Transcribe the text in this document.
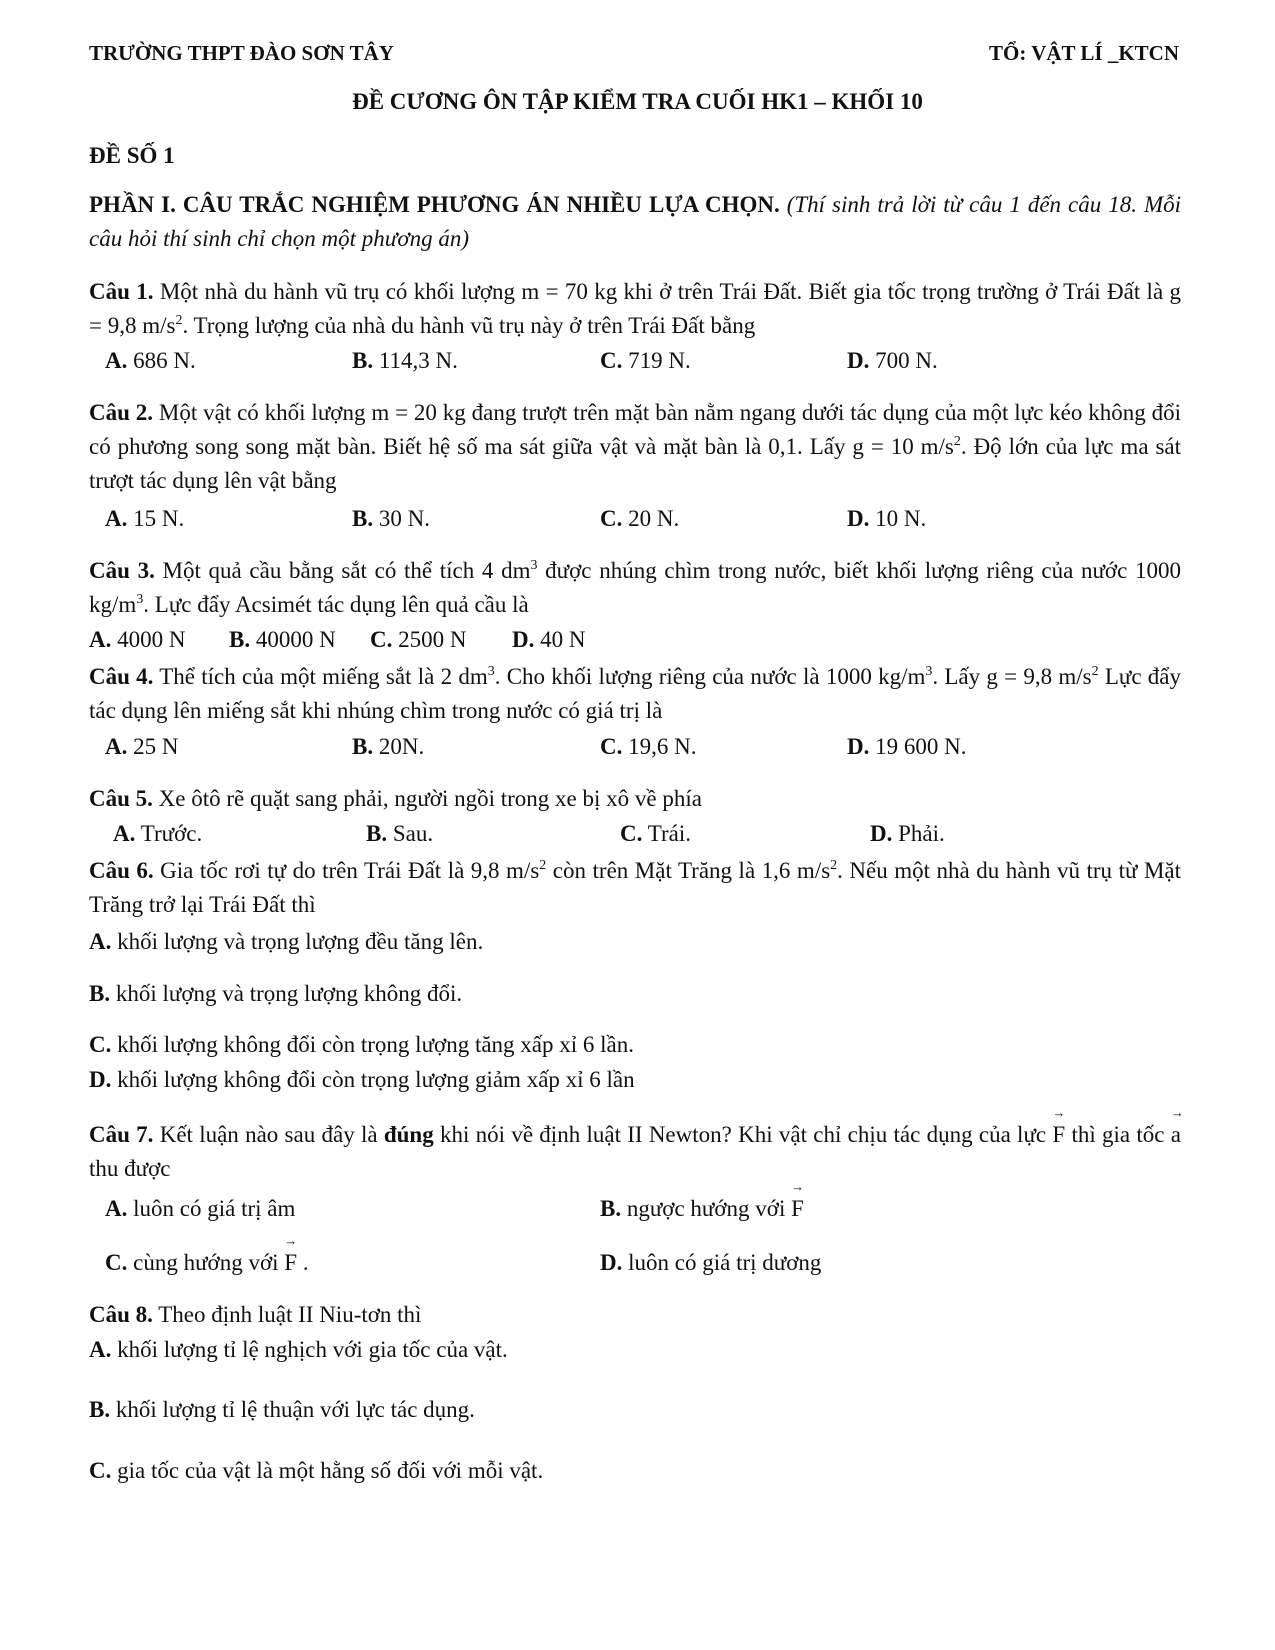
TRƯỜNG THPT ĐÀO SƠN TÂY	TỔ: VẬT LÍ _KTCN
ĐỀ CƯƠNG ÔN TẬP KIỂM TRA CUỐI HK1 – KHỐI 10
ĐỀ SỐ 1
PHẦN I. CÂU TRẮC NGHIỆM PHƯƠNG ÁN NHIỀU LỰA CHỌN. (Thí sinh trả lời từ câu 1 đến câu 18. Mỗi câu hỏi thí sinh chỉ chọn một phương án)
Câu 1. Một nhà du hành vũ trụ có khối lượng m = 70 kg khi ở trên Trái Đất. Biết gia tốc trọng trường ở Trái Đất là g = 9,8 $m/s^2$. Trọng lượng của nhà du hành vũ trụ này ở trên Trái Đất bằng
A. 686 N.	B. 114,3 N.	C. 719 N.	D. 700 N.
Câu 2. Một vật có khối lượng m = 20 kg đang trượt trên mặt bàn nằm ngang dưới tác dụng của một lực kéo không đổi có phương song song mặt bàn. Biết hệ số ma sát giữa vật và mặt bàn là 0,1. Lấy g = 10 $m/s^2$. Độ lớn của lực ma sát trượt tác dụng lên vật bằng
A. 15 N.	B. 30 N.	C. 20 N.	D. 10 N.
Câu 3. Một quả cầu bằng sắt có thể tích 4 $dm^3$ được nhúng chìm trong nước, biết khối lượng riêng của nước 1000 $kg/m^3$. Lực đẩy Acsimét tác dụng lên quả cầu là
A. 4000 N B. 40000 N C. 2500 N D. 40 N
Câu 4. Thể tích của một miếng sắt là 2 $dm^3$. Cho khối lượng riêng của nước là 1000 $kg/m^3$. Lấy g = 9,8 $m/s^2$ Lực đẩy tác dụng lên miếng sắt khi nhúng chìm trong nước có giá trị là
A. 25 N	B. 20N.	C. 19,6 N.	D. 19 600 N.
Câu 5. Xe ôtô rẽ quặt sang phải, người ngồi trong xe bị xô về phía
A. Trước.	B. Sau.	C. Trái.	D. Phải.
Câu 6. Gia tốc rơi tự do trên Trái Đất là 9,8 $m/s^2$ còn trên Mặt Trăng là 1,6 $m/s^2$. Nếu một nhà du hành vũ trụ từ Mặt Trăng trở lại Trái Đất thì
A. khối lượng và trọng lượng đều tăng lên.
B. khối lượng và trọng lượng không đổi.
C. khối lượng không đổi còn trọng lượng tăng xấp xỉ 6 lần.
D. khối lượng không đổi còn trọng lượng giảm xấp xỉ 6 lần
Câu 7. Kết luận nào sau đây là đúng khi nói về định luật II Newton? Khi vật chỉ chịu tác dụng của lực → F thì gia tốc → a thu được
A. luôn có giá trị âm	B. ngược hướng với → F
C. cùng hướng với → F .	D. luôn có giá trị dương
Câu 8. Theo định luật II Niu-tơn thì
A. khối lượng tỉ lệ nghịch với gia tốc của vật.
B. khối lượng tỉ lệ thuận với lực tác dụng.
C. gia tốc của vật là một hằng số đối với mỗi vật.
